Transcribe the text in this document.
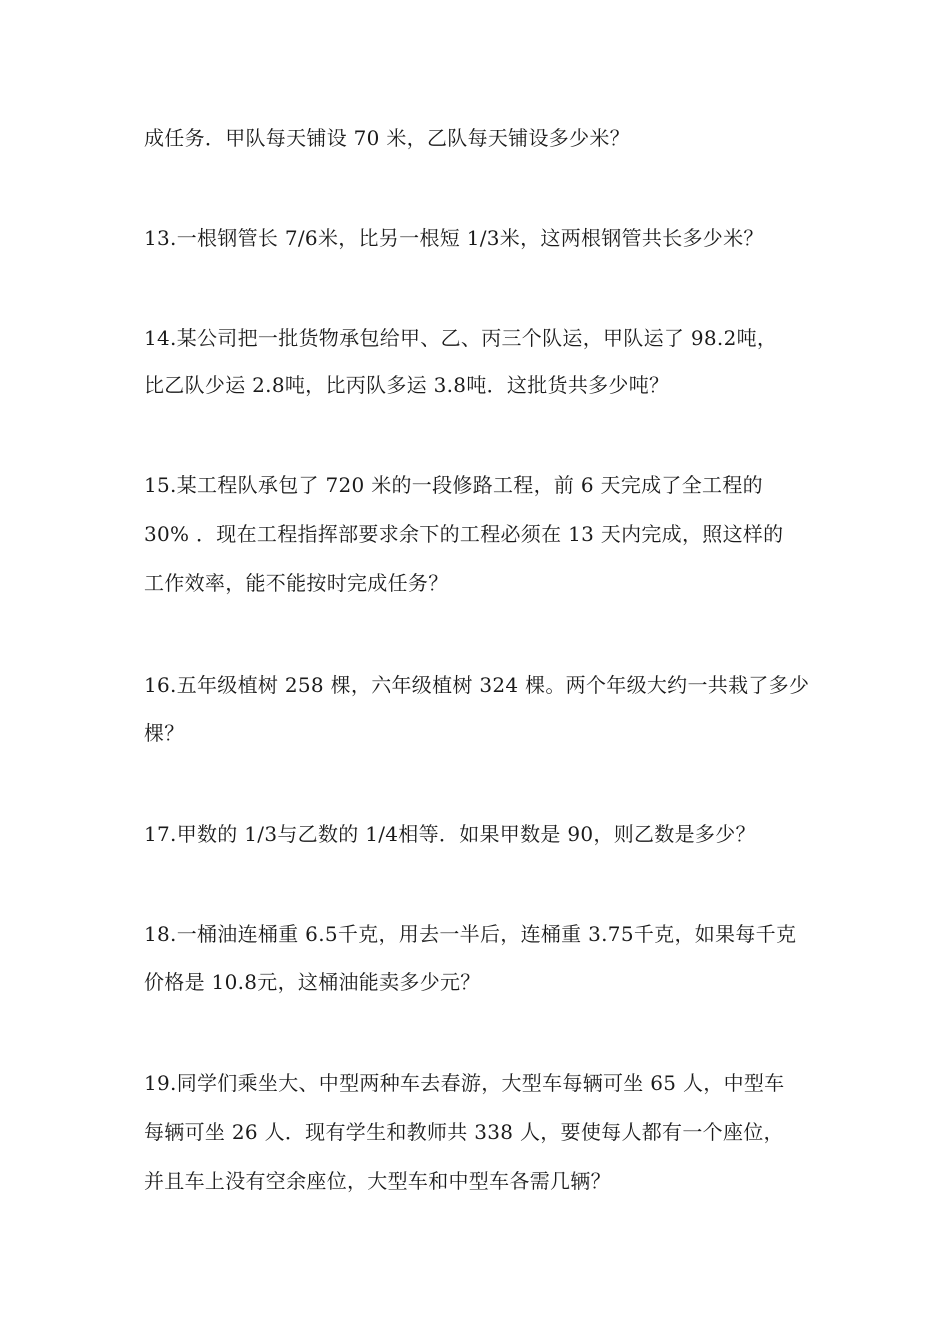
成任务．甲队每天铺设 70 米，乙队每天铺设多少米？
13.一根钢管长 7/6米，比另一根短 1/3米，这两根钢管共长多少米？
14.某公司把一批货物承包给甲、乙、丙三个队运，甲队运了 98.2吨，
比乙队少运 2.8吨，比丙队多运 3.8吨．这批货共多少吨？
15.某工程队承包了 720 米的一段修路工程，前 6 天完成了全工程的
30% ．现在工程指挥部要求余下的工程必须在 13 天内完成，照这样的
工作效率，能不能按时完成任务？
16.五年级植树 258 棵，六年级植树 324 棵。两个年级大约一共栽了多少
棵？
17.甲数的 1/3与乙数的 1/4相等．如果甲数是 90，则乙数是多少？
18.一桶油连桶重 6.5千克，用去一半后，连桶重 3.75千克，如果每千克
价格是 10.8元，这桶油能卖多少元？
19.同学们乘坐大、中型两种车去春游，大型车每辆可坐 65 人，中型车
每辆可坐 26 人．现有学生和教师共 338 人，要使每人都有一个座位，
并且车上没有空余座位，大型车和中型车各需几辆？
